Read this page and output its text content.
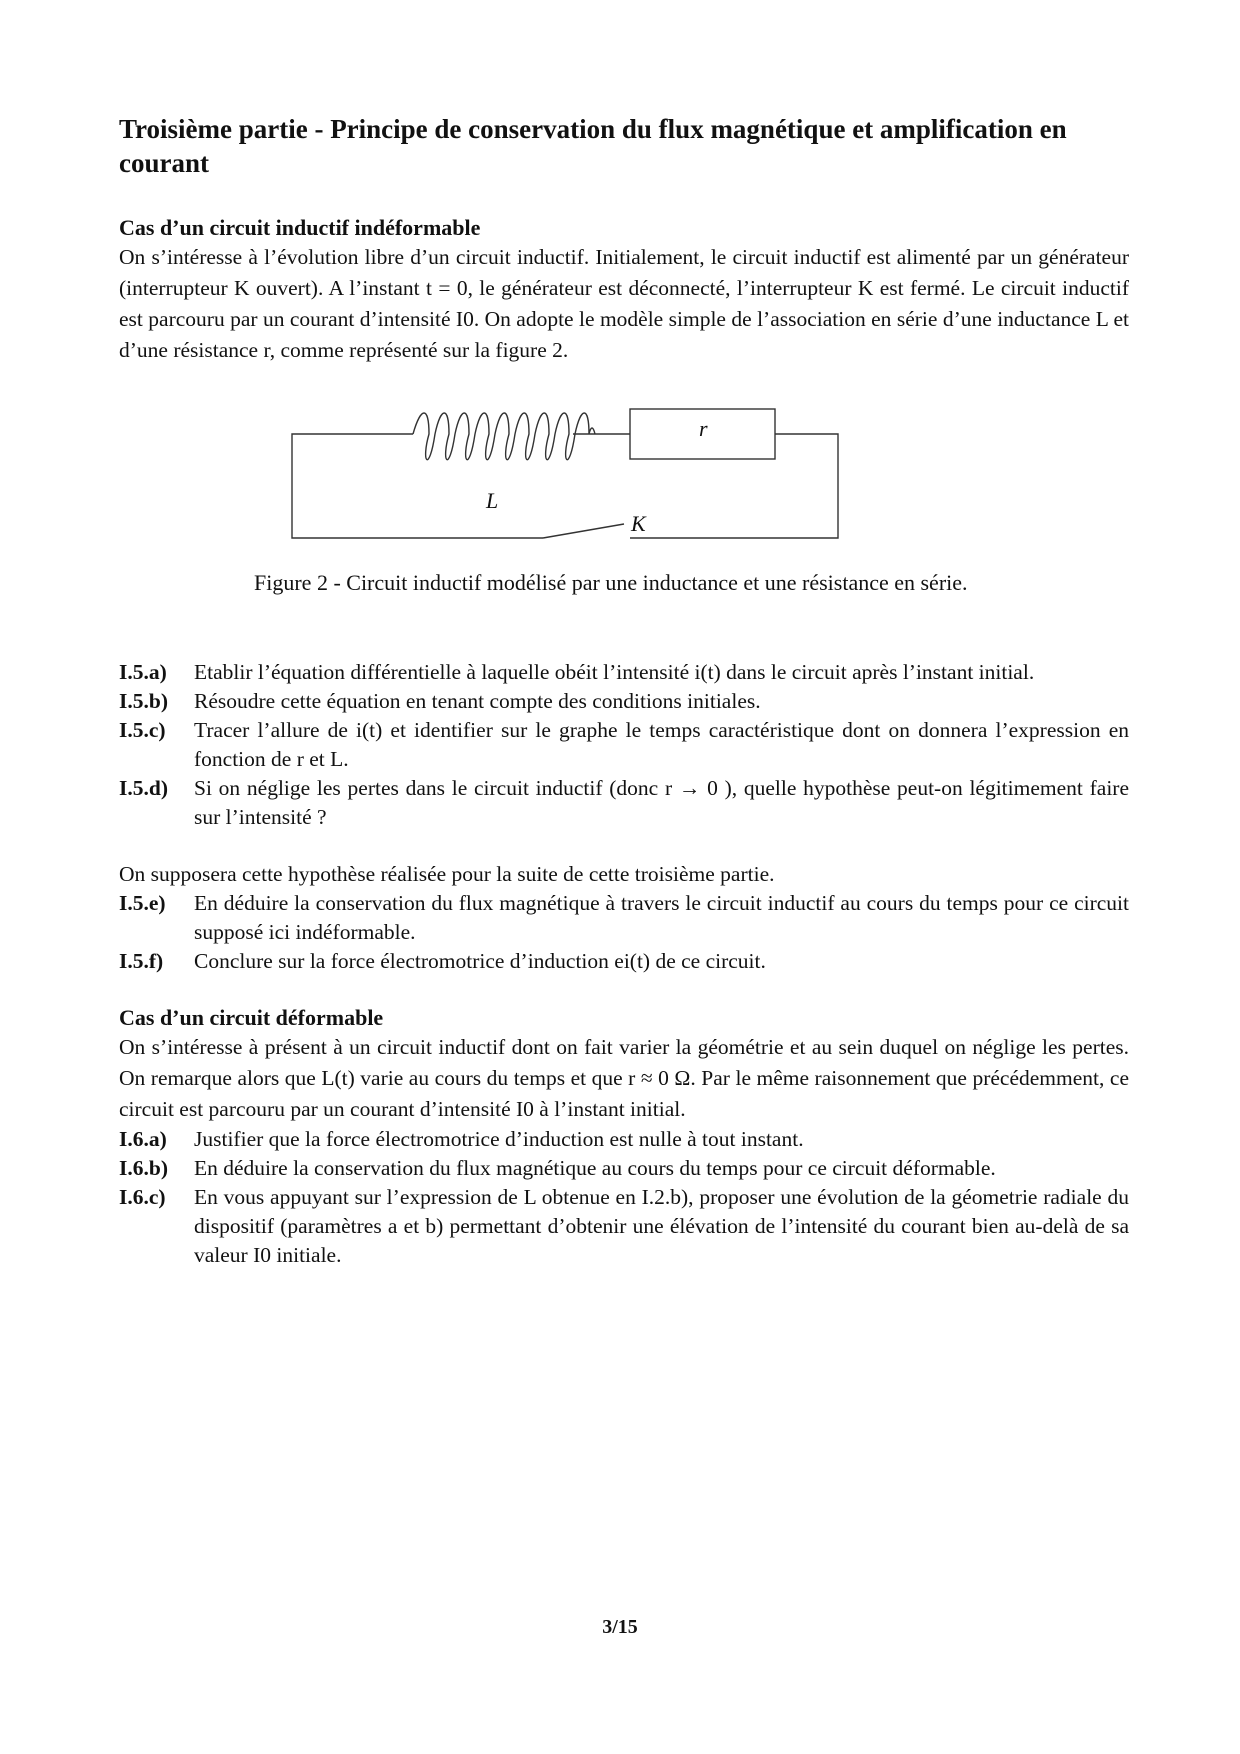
Troisième partie - Principe de conservation du flux magnétique et amplification en courant
Cas d’un circuit inductif indéformable

On s’intéresse à l’évolution libre d’un circuit inductif. Initialement, le circuit inductif est alimenté par un générateur (interrupteur K ouvert). A l’instant t = 0, le générateur est déconnecté, l’interrupteur K est fermé. Le circuit inductif est parcouru par un courant d’intensité I0. On adopte le modèle simple de l’association en série d’une inductance L et d’une résistance r, comme représenté sur la figure 2.

r
L
K
Figure 2 - Circuit inductif modélisé par une inductance et une résistance en série.
I.5.a)	Etablir l’équation différentielle à laquelle obéit l’intensité i(t) dans le circuit après l’instant initial.
I.5.b)	Résoudre cette équation en tenant compte des conditions initiales.
I.5.c)	Tracer l’allure de i(t) et identifier sur le graphe le temps caractéristique dont on donnera l’expression en fonction de r et L.
I.5.d)	Si on néglige les pertes dans le circuit inductif (donc r → 0 ), quelle hypothèse peut-on légitimement faire sur l’intensité ?

On supposera cette hypothèse réalisée pour la suite de cette troisième partie.

I.5.e)	En déduire la conservation du flux magnétique à travers le circuit inductif au cours du temps pour ce circuit supposé ici indéformable.
I.5.f)	Conclure sur la force électromotrice d’induction ei(t) de ce circuit.
Cas d’un circuit déformable

On s’intéresse à présent à un circuit inductif dont on fait varier la géométrie et au sein duquel on néglige les pertes. On remarque alors que L(t) varie au cours du temps et que r ≈ 0 Ω. Par le même raisonnement que précédemment, ce circuit est parcouru par un courant d’intensité I0 à l’instant initial.

I.6.a)	Justifier que la force électromotrice d’induction est nulle à tout instant.
I.6.b)	En déduire la conservation du flux magnétique au cours du temps pour ce circuit déformable.
I.6.c)	En vous appuyant sur l’expression de L obtenue en I.2.b), proposer une évolution de la géometrie radiale du dispositif (paramètres a et b) permettant d’obtenir une élévation de l’intensité du courant bien au-delà de sa valeur I0 initiale.
3/15
